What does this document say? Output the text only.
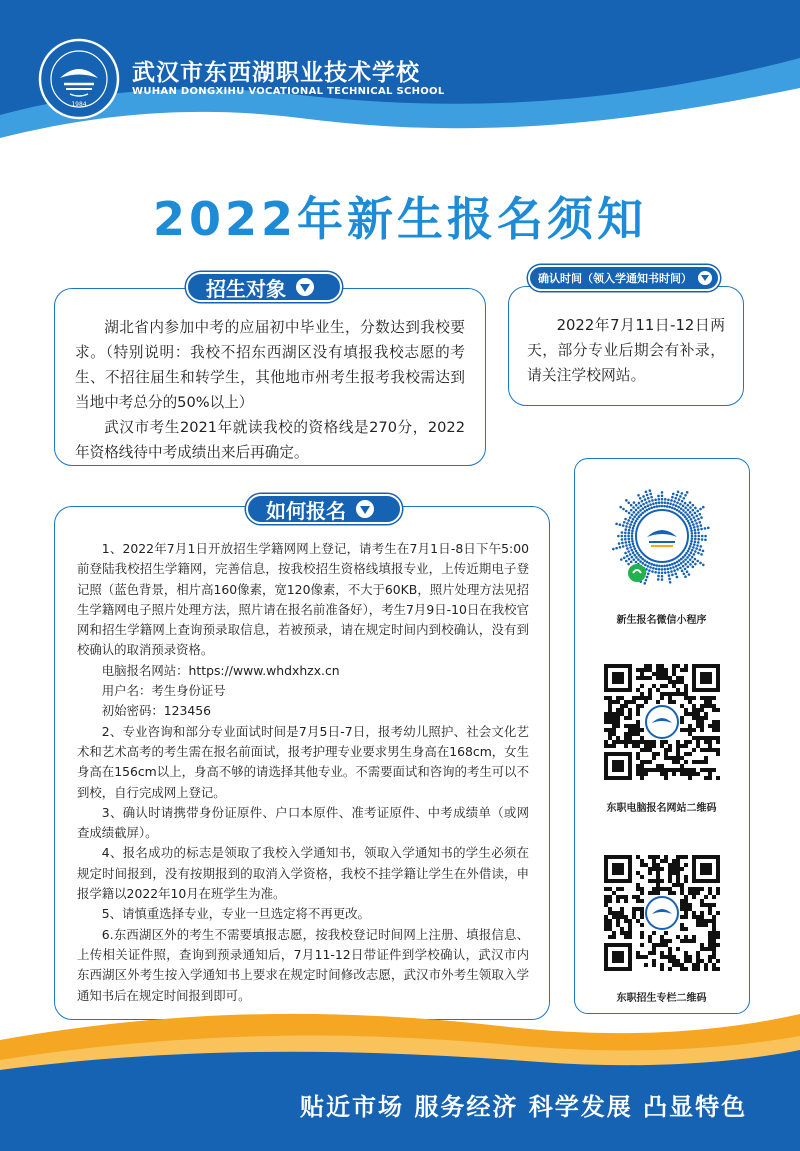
1984
武汉市东西湖职业技术学校
WUHAN DONGXIHU VOCATIONAL TECHNICAL SCHOOL
2022年新生报名须知

湖北省内参加中考的应届初中毕业生，分数达到我校要求。（特别说明：我校不招东西湖区没有填报我校志愿的考生、不招往届生和转学生，其他地市州考生报考我校需达到当地中考总分的50%以上）

武汉市考生2021年就读我校的资格线是270分，2022年资格线待中考成绩出来后再确定。

招生对象

2022年7月11日-12日两天，部分专业后期会有补录，请关注学校网站。

确认时间（领入学通知书时间）

1、2022年7月1日开放招生学籍网网上登记，请考生在7月1日-8日下午5:00前登陆我校招生学籍网，完善信息，按我校招生资格线填报专业，上传近期电子登记照（蓝色背景，相片高160像素，宽120像素，不大于60KB，照片处理方法见招生学籍网电子照片处理方法，照片请在报名前准备好），考生7月9日-10日在我校官网和招生学籍网上查询预录取信息，若被预录，请在规定时间内到校确认，没有到校确认的取消预录资格。

电脑报名网站：https://www.whdxhzx.cn

用户名：考生身份证号

初始密码：123456

2、专业咨询和部分专业面试时间是7月5日-7日，报考幼儿照护、社会文化艺术和艺术高考的考生需在报名前面试，报考护理专业要求男生身高在168cm，女生身高在156cm以上，身高不够的请选择其他专业。不需要面试和咨询的考生可以不到校，自行完成网上登记。

3、确认时请携带身份证原件、户口本原件、准考证原件、中考成绩单（或网查成绩截屏）。

4、报名成功的标志是领取了我校入学通知书，领取入学通知书的学生必须在规定时间报到，没有按期报到的取消入学资格，我校不挂学籍让学生在外借读，申报学籍以2022年10月在班学生为准。

5、请慎重选择专业，专业一旦选定将不再更改。

6.东西湖区外的考生不需要填报志愿，按我校登记时间网上注册、填报信息、上传相关证件照，查询到预录通知后，7月11-12日带证件到学校确认，武汉市内东西湖区外考生按入学通知书上要求在规定时间修改志愿，武汉市外考生领取入学通知书后在规定时间报到即可。

如何报名
新生报名微信小程序
东职电脑报名网站二维码
东职招生专栏二维码
贴近市场 服务经济 科学发展 凸显特色
